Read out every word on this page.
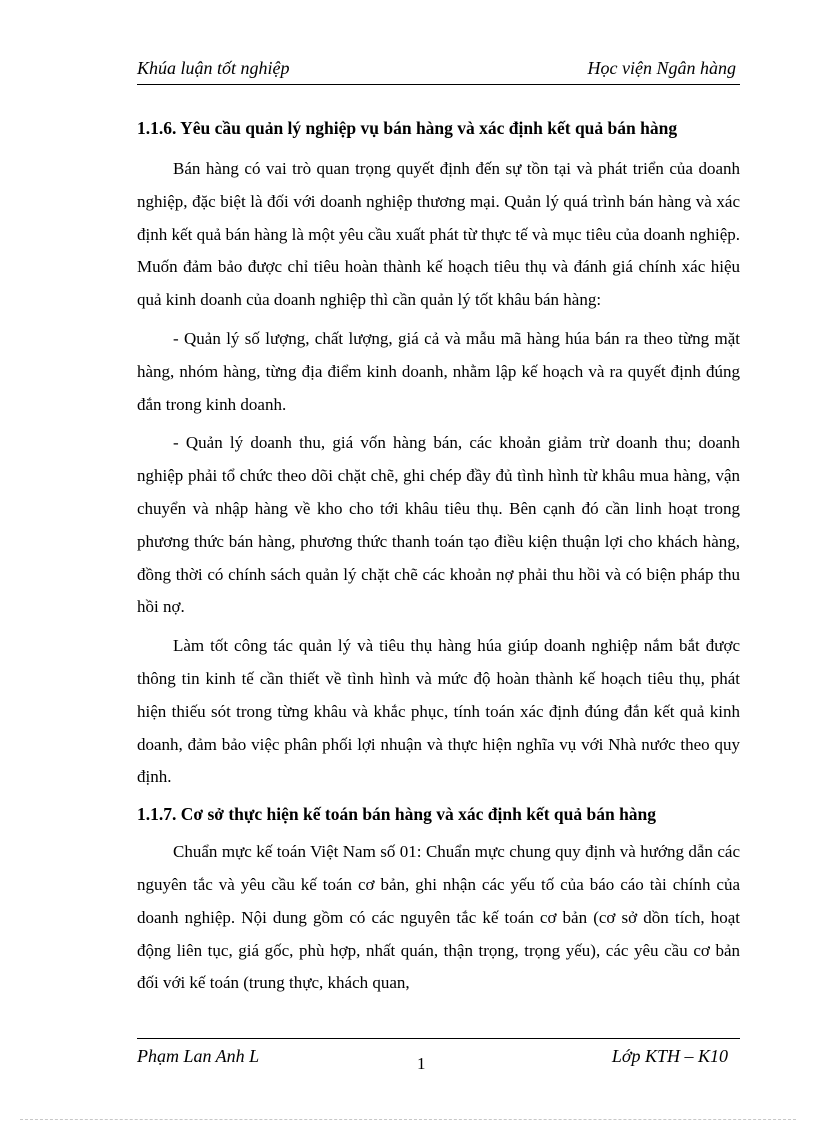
Khúa luận tốt nghiệp	Học viện Ngân hàng
1.1.6. Yêu cầu quản lý nghiệp vụ bán hàng và xác định kết quả bán hàng

Bán hàng có vai trò quan trọng quyết định đến sự tồn tại và phát triển của doanh nghiệp, đặc biệt là đối với doanh nghiệp thương mại. Quản lý quá trình bán hàng và xác định kết quả bán hàng là một yêu cầu xuất phát từ thực tế và mục tiêu của doanh nghiệp. Muốn đảm bảo được chỉ tiêu hoàn thành kế hoạch tiêu thụ và đánh giá chính xác hiệu quả kinh doanh của doanh nghiệp thì cần quản lý tốt khâu bán hàng:

- Quản lý số lượng, chất lượng, giá cả và mẫu mã hàng húa bán ra theo từng mặt hàng, nhóm hàng, từng địa điểm kinh doanh, nhằm lập kế hoạch và ra quyết định đúng đắn trong kinh doanh.

- Quản lý doanh thu, giá vốn hàng bán, các khoản giảm trừ doanh thu; doanh nghiệp phải tổ chức theo dõi chặt chẽ, ghi chép đầy đủ tình hình từ khâu mua hàng, vận chuyển và nhập hàng về kho cho tới khâu tiêu thụ. Bên cạnh đó cần linh hoạt trong phương thức bán hàng, phương thức thanh toán tạo điều kiện thuận lợi cho khách hàng, đồng thời có chính sách quản lý chặt chẽ các khoản nợ phải thu hồi và có biện pháp thu hồi nợ.

Làm tốt công tác quản lý và tiêu thụ hàng húa giúp doanh nghiệp nắm bắt được thông tin kinh tế cần thiết về tình hình và mức độ hoàn thành kế hoạch tiêu thụ, phát hiện thiếu sót trong từng khâu và khắc phục, tính toán xác định đúng đắn kết quả kinh doanh, đảm bảo việc phân phối lợi nhuận và thực hiện nghĩa vụ với Nhà nước theo quy định.

1.1.7. Cơ sở thực hiện kế toán bán hàng và xác định kết quả bán hàng

Chuẩn mực kế toán Việt Nam số 01: Chuẩn mực chung quy định và hướng dẫn các nguyên tắc và yêu cầu kế toán cơ bản, ghi nhận các yếu tố của báo cáo tài chính của doanh nghiệp. Nội dung gồm có các nguyên tắc kế toán cơ bản (cơ sở dồn tích, hoạt động liên tục, giá gốc, phù hợp, nhất quán, thận trọng, trọng yếu), các yêu cầu cơ bản đối với kế toán (trung thực, khách quan,

Phạm Lan Anh L	1	Lớp KTH – K10
